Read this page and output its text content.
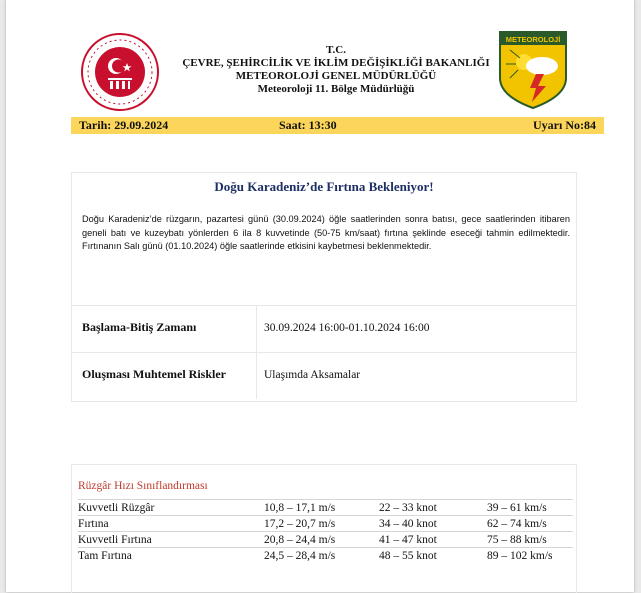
T.C.
ÇEVRE, ŞEHİRCİLİK VE İKLİM DEĞİŞİKLİĞİ BAKANLIĞI
METEOROLOJİ GENEL MÜDÜRLÜĞÜ
Meteoroloji 11. Bölge Müdürlüğü
METEOROLOJİ
Tarih: 29.09.2024	Saat: 13:30	Uyarı No:84
Doğu Karadeniz’de Fırtına Bekleniyor!
Doğu Karadeniz’de rüzgarın, pazartesi günü (30.09.2024) öğle saatlerinden sonra batısı, gece saatlerinden itibaren geneli batı ve kuzeybatı yönlerden 6 ila 8 kuvvetinde (50-75 km/saat) fırtına şeklinde eseceği tahmin edilmektedir. Fırtınanın Salı günü (01.10.2024) öğle saatlerinde etkisini kaybetmesi beklenmektedir.
Başlama-Bitiş Zamanı	30.09.2024 16:00-01.10.2024 16:00
Oluşması Muhtemel Riskler	Ulaşımda Aksamalar
Rüzgâr Hızı Sınıflandırması
Kuvvetli Rüzgâr	10,8 – 17,1 m/s	22 – 33 knot	39 – 61 km/s
Fırtına	17,2 – 20,7 m/s	34 – 40 knot	62 – 74 km/s
Kuvvetli Fırtına	20,8 – 24,4 m/s	41 – 47 knot	75 – 88 km/s
Tam Fırtına	24,5 – 28,4 m/s	48 – 55 knot	89 – 102 km/s
